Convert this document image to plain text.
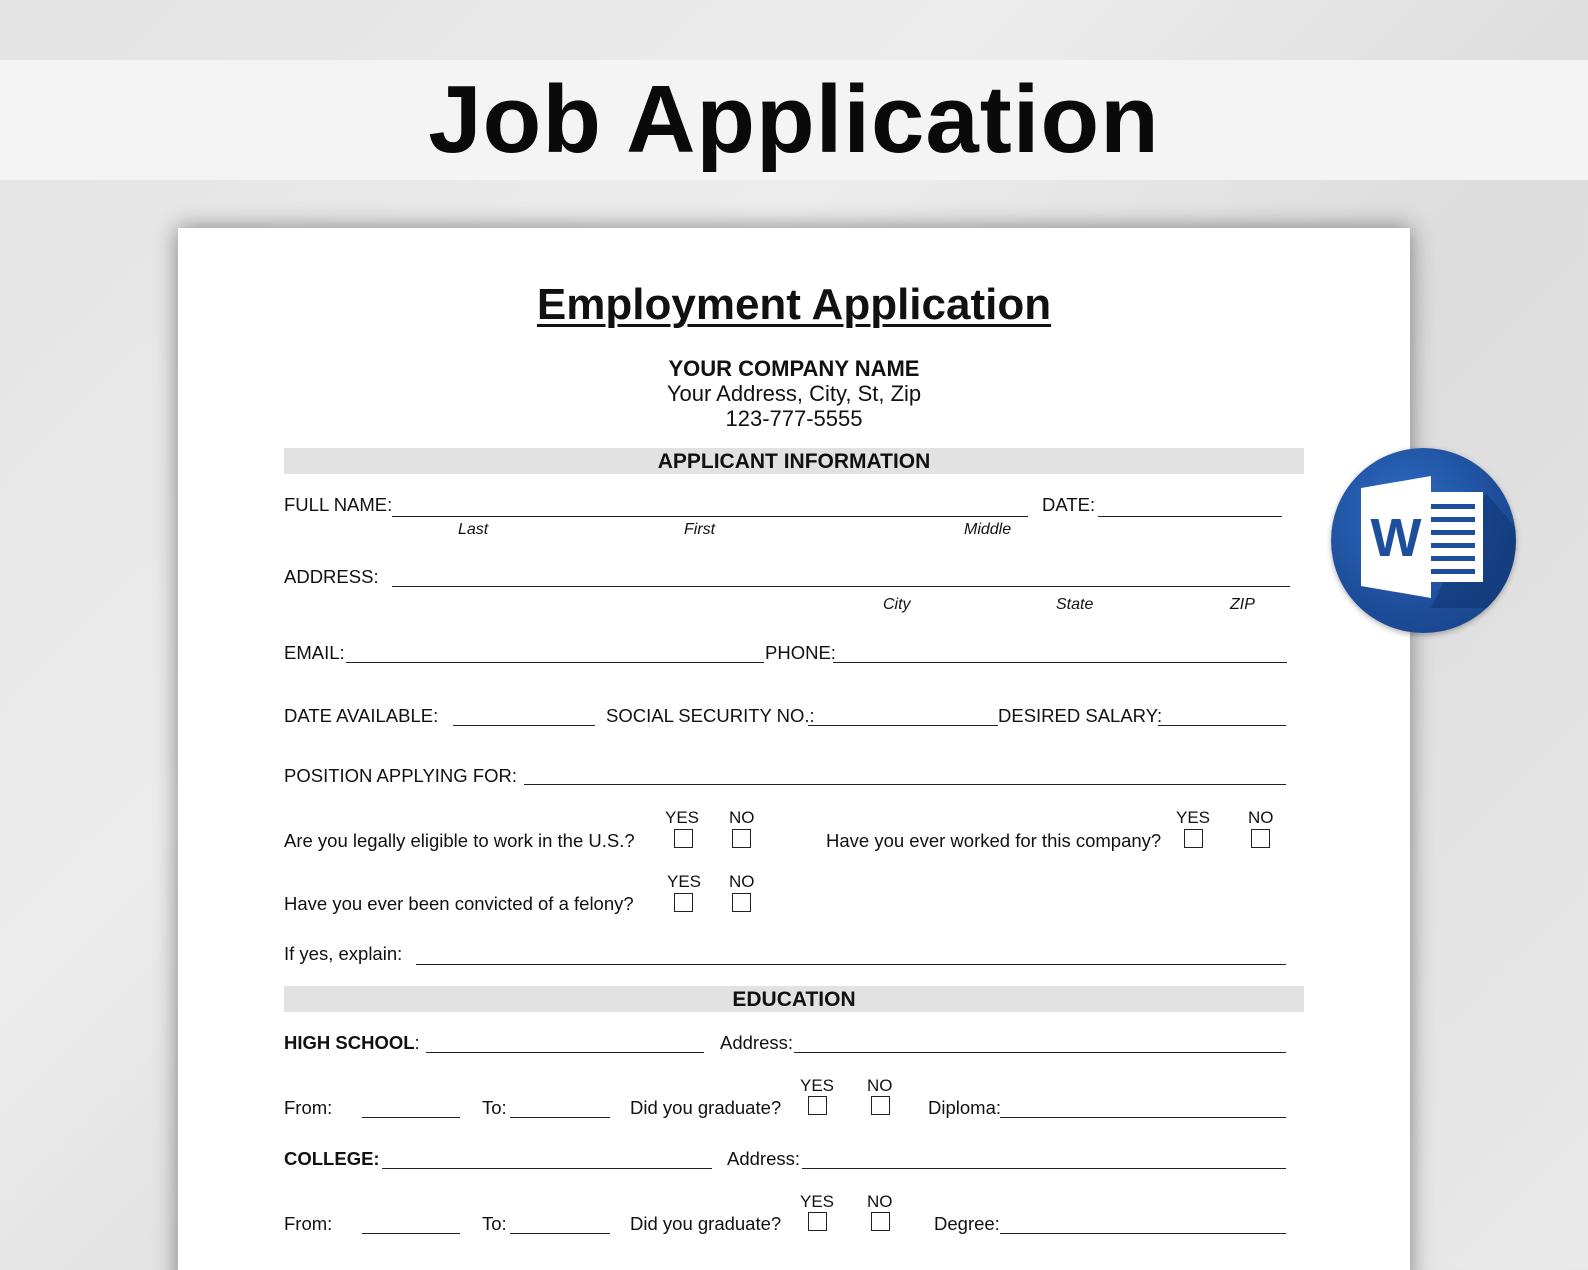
Job Application
Employment Application
YOUR COMPANY NAME
Your Address, City, St, Zip
123-777-5555
APPLICANT INFORMATION
FULL NAME:	DATE:
Last	First	Middle
ADDRESS:
City	State	ZIP
EMAIL:	PHONE:
DATE AVAILABLE:	SOCIAL SECURITY NO.:	DESIRED SALARY:
POSITION APPLYING FOR:
Are you legally eligible to work in the U.S.?
YES NO
Have you ever worked for this company?
YES NO
Have you ever been convicted of a felony?
YES NO
If yes, explain:
EDUCATION
HIGH SCHOOL:	Address:
From:	To:	Did you graduate?
YES NO
Diploma:
COLLEGE:	Address:
From:	To:	Did you graduate?
YES NO
Degree:
W
